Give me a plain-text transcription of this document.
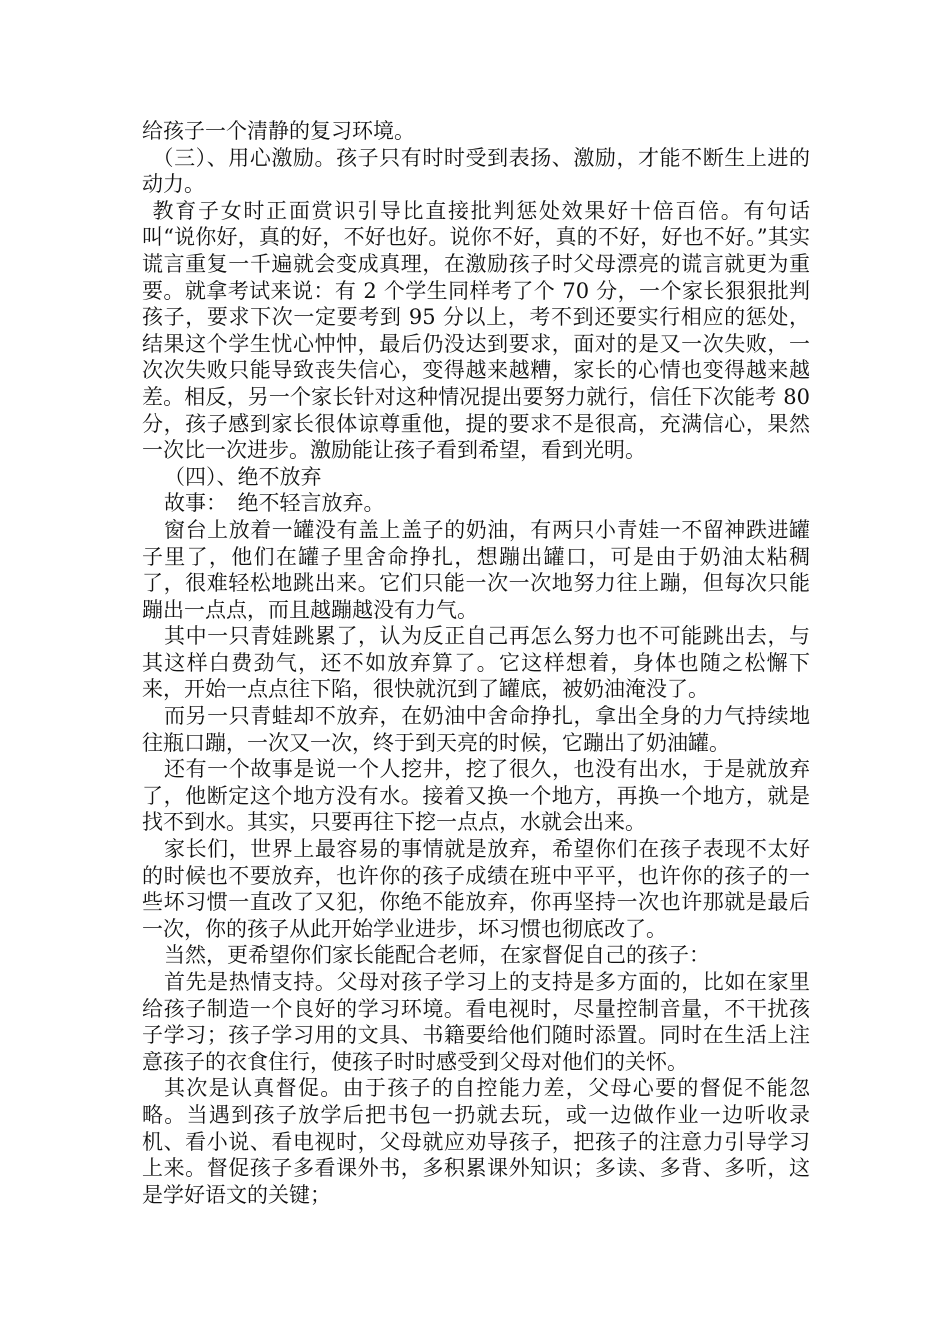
给孩子一个清静的复习环境。

（三）、用心激励。孩子只有时时受到表扬、激励，才能不断生上进的动力。

教育子女时正面赏识引导比直接批判惩处效果好十倍百倍。有句话叫“说你好，真的好，不好也好。说你不好，真的不好，好也不好。”其实谎言重复一千遍就会变成真理，在激励孩子时父母漂亮的谎言就更为重要。就拿考试来说：有 2 个学生同样考了个 70 分，一个家长狠狠批判孩子，要求下次一定要考到 95 分以上，考不到还要实行相应的惩处，结果这个学生忧心忡忡，最后仍没达到要求，面对的是又一次失败，一次次失败只能导致丧失信心，变得越来越糟，家长的心情也变得越来越差。相反，另一个家长针对这种情况提出要努力就行，信任下次能考 80 分，孩子感到家长很体谅尊重他，提的要求不是很高，充满信心，果然一次比一次进步。激励能让孩子看到希望，看到光明。

（四）、绝不放弃

故事：　绝不轻言放弃。

窗台上放着一罐没有盖上盖子的奶油，有两只小青娃一不留神跌进罐子里了，他们在罐子里舍命挣扎，想蹦出罐口，可是由于奶油太粘稠了，很难轻松地跳出来。它们只能一次一次地努力往上蹦，但每次只能蹦出一点点，而且越蹦越没有力气。

其中一只青娃跳累了，认为反正自己再怎么努力也不可能跳出去，与其这样白费劲气，还不如放弃算了。它这样想着，身体也随之松懈下来，开始一点点往下陷，很快就沉到了罐底，被奶油淹没了。

而另一只青蛙却不放弃，在奶油中舍命挣扎，拿出全身的力气持续地往瓶口蹦，一次又一次，终于到天亮的时候，它蹦出了奶油罐。

还有一个故事是说一个人挖井，挖了很久，也没有出水，于是就放弃了，他断定这个地方没有水。接着又换一个地方，再换一个地方，就是找不到水。其实，只要再往下挖一点点，水就会出来。

家长们，世界上最容易的事情就是放弃，希望你们在孩子表现不太好的时候也不要放弃，也许你的孩子成绩在班中平平，也许你的孩子的一些坏习惯一直改了又犯，你绝不能放弃，你再坚持一次也许那就是最后一次，你的孩子从此开始学业进步，坏习惯也彻底改了。

当然，更希望你们家长能配合老师，在家督促自己的孩子：

首先是热情支持。父母对孩子学习上的支持是多方面的，比如在家里给孩子制造一个良好的学习环境。看电视时，尽量控制音量，不干扰孩子学习；孩子学习用的文具、书籍要给他们随时添置。同时在生活上注意孩子的衣食住行，使孩子时时感受到父母对他们的关怀。

其次是认真督促。由于孩子的自控能力差，父母心要的督促不能忽略。当遇到孩子放学后把书包一扔就去玩，或一边做作业一边听收录机、看小说、看电视时，父母就应劝导孩子，把孩子的注意力引导学习上来。督促孩子多看课外书，多积累课外知识；多读、多背、多听，这是学好语文的关键；
